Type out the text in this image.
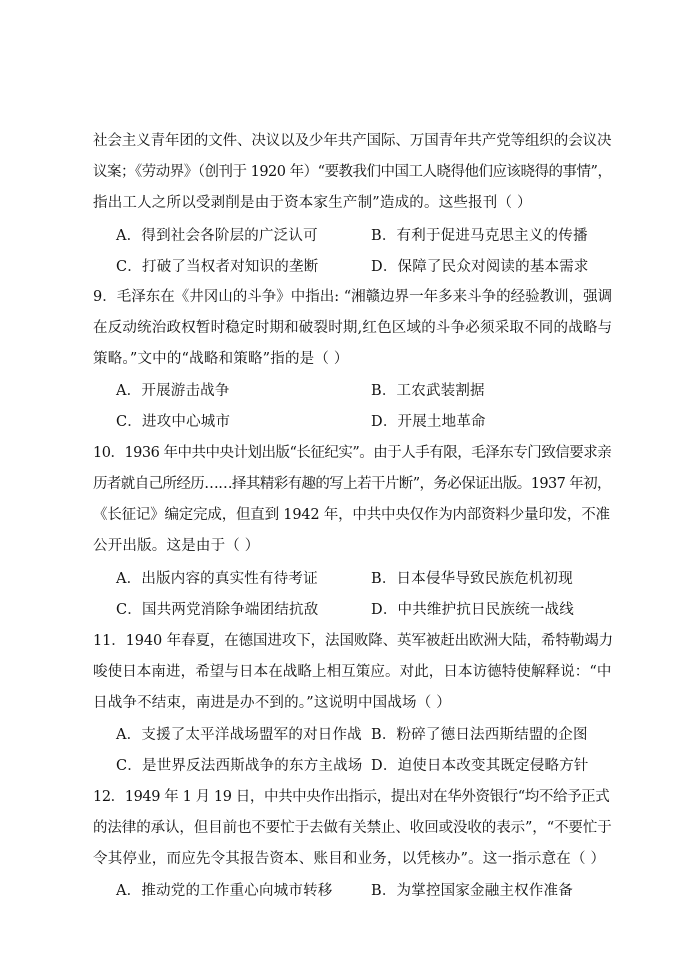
社会主义青年团的文件、决议以及少年共产国际、万国青年共产党等组织的会议决
议案；《劳动界》（创刊于 1920 年）“要教我们中国工人晓得他们应该晓得的事情”，
指出工人之所以受剥削是由于资本家生产制”造成的。这些报刊（ ）
A．得到社会各阶层的广泛认可	B．有利于促进马克思主义的传播
C．打破了当权者对知识的垄断	D．保障了民众对阅读的基本需求
9．毛泽东在《井冈山的斗争》中指出: “湘赣边界一年多来斗争的经验教训，强调
在反动统治政权暂时稳定时期和破裂时期,红色区域的斗争必须采取不同的战略与
策略。”文中的“战略和策略”指的是（ ）
A．开展游击战争	B．工农武装割据
C．进攻中心城市	D．开展土地革命
10．1936 年中共中央计划出版“长征纪实”。由于人手有限，毛泽东专门致信要求亲
历者就自己所经历……择其精彩有趣的写上若干片断”，务必保证出版。1937 年初，
《长征记》编定完成，但直到 1942 年，中共中央仅作为内部资料少量印发，不准
公开出版。这是由于（ ）
A．出版内容的真实性有待考证	B．日本侵华导致民族危机初现
C．国共两党消除争端团结抗敌	D．中共维护抗日民族统一战线
11．1940 年春夏，在德国进攻下，法国败降、英军被赶出欧洲大陆，希特勒竭力
唆使日本南进，希望与日本在战略上相互策应。对此，日本访德特使解释说：“中
日战争不结束，南进是办不到的。”这说明中国战场（ ）
A．支援了太平洋战场盟军的对日作战 B．粉碎了德日法西斯结盟的企图
C．是世界反法西斯战争的东方主战场 D．迫使日本改变其既定侵略方针
12．1949 年 1 月 19 日，中共中央作出指示，提出对在华外资银行“均不给予正式
的法律的承认，但目前也不要忙于去做有关禁止、收回或没收的表示”，“不要忙于
令其停业，而应先令其报告资本、账目和业务，以凭核办”。这一指示意在（ ）
A．推动党的工作重心向城市转移	B．为掌控国家金融主权作准备
